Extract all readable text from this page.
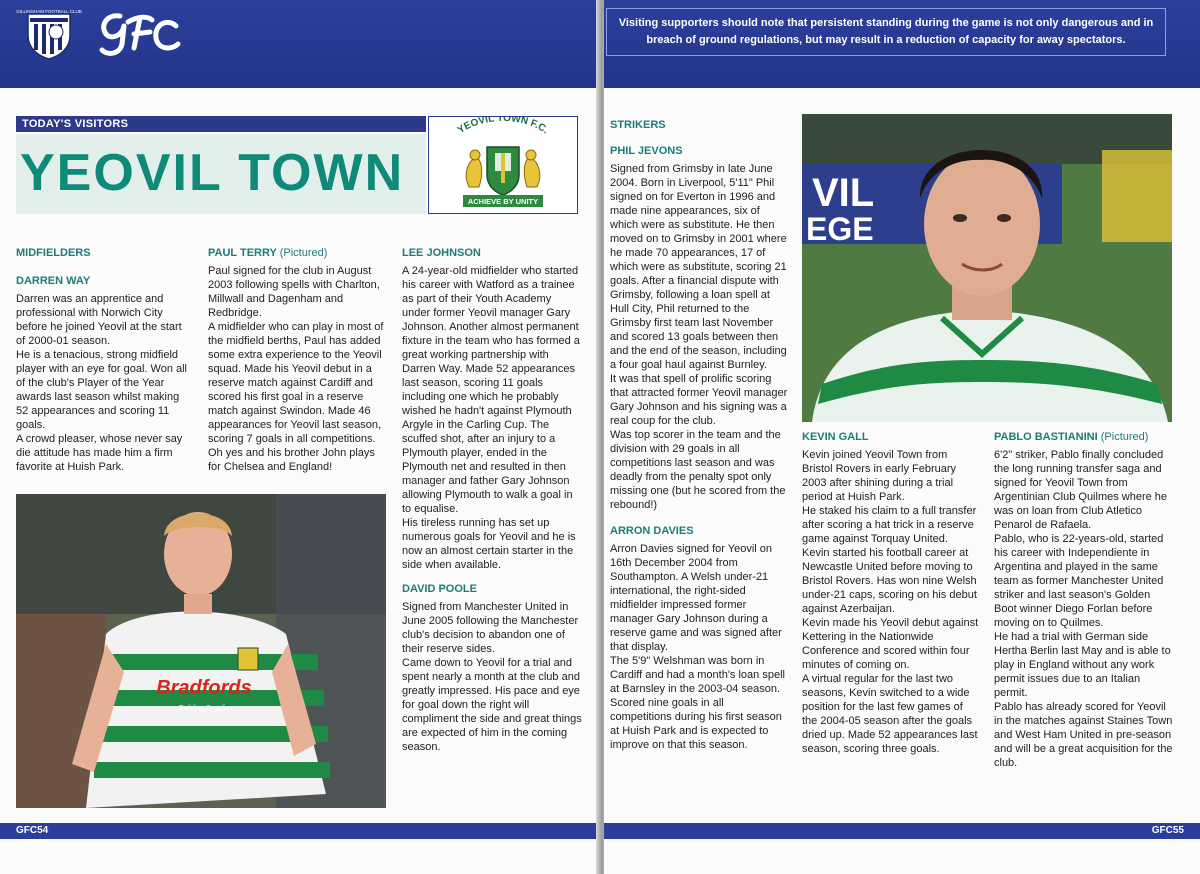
GILLINGHAM FOOTBALL CLUB
TODAY'S VISITORS
YEOVIL TOWN
YEOVIL TOWN F.C.
ACHIEVE BY UNITY
MIDFIELDERS
DARREN WAY

Darren was an apprentice and professional with Norwich City before he joined Yeovil at the start of 2000-01 season.

He is a tenacious, strong midfield player with an eye for goal. Won all of the club's Player of the Year awards last season whilst making 52 appearances and scoring 11 goals.

A crowd pleaser, whose never say die attitude has made him a firm favorite at Huish Park.

PAUL TERRY (Pictured)

Paul signed for the club in August 2003 following spells with Charlton, Millwall and Dagenham and Redbridge.

A midfielder who can play in most of the midfield berths, Paul has added some extra experience to the Yeovil squad. Made his Yeovil debut in a reserve match against Cardiff and scored his first goal in a reserve match against Swindon. Made 46 appearances for Yeovil last season, scoring 7 goals in all competitions. Oh yes and his brother John plays for Chelsea and England!

LEE JOHNSON

A 24-year-old midfielder who started his career with Watford as a trainee as part of their Youth Academy under former Yeovil manager Gary Johnson. Another almost permanent fixture in the team who has formed a great working partnership with Darren Way. Made 52 appearances last season, scoring 11 goals including one which he probably wished he hadn't against Plymouth Argyle in the Carling Cup. The scuffed shot, after an injury to a Plymouth player, ended in the Plymouth net and resulted in then manager and father Gary Johnson allowing Plymouth to walk a goal in to equalise.

His tireless running has set up numerous goals for Yeovil and he is now an almost certain starter in the side when available.

DAVID POOLE

Signed from Manchester United in June 2005 following the Manchester club's decision to abandon one of their reserve sides.

Came down to Yeovil for a trial and spent nearly a month at the club and greatly impressed. His pace and eye for goal down the right will compliment the side and great things are expected of him in the coming season.

Bradfords
Building Supplies
GFC54
Visiting supporters should note that persistent standing during the game is not only dangerous and in breach of ground regulations, but may result in a reduction of capacity for away spectators.
STRIKERS
PHIL JEVONS

Signed from Grimsby in late June 2004. Born in Liverpool, 5'11" Phil signed on for Everton in 1996 and made nine appearances, six of which were as substitute. He then moved on to Grimsby in 2001 where he made 70 appearances, 17 of which were as substitute, scoring 21 goals. After a financial dispute with Grimsby, following a loan spell at Hull City, Phil returned to the Grimsby first team last November and scored 13 goals between then and the end of the season, including a four goal haul against Burnley.

It was that spell of prolific scoring that attracted former Yeovil manager Gary Johnson and his signing was a real coup for the club.

Was top scorer in the team and the division with 29 goals in all competitions last season and was deadly from the penalty spot only missing one (but he scored from the rebound!)

ARRON DAVIES

Arron Davies signed for Yeovil on 16th December 2004 from Southampton. A Welsh under-21 international, the right-sided midfielder impressed former manager Gary Johnson during a reserve game and was signed after that display.

The 5'9" Welshman was born in Cardiff and had a month's loan spell at Barnsley in the 2003-04 season. Scored nine goals in all competitions during his first season at Huish Park and is expected to improve on that this season.

VIL
EGE
KEVIN GALL

Kevin joined Yeovil Town from Bristol Rovers in early February 2003 after shining during a trial period at Huish Park.

He staked his claim to a full transfer after scoring a hat trick in a reserve game against Torquay United.

Kevin started his football career at Newcastle United before moving to Bristol Rovers. Has won nine Welsh under-21 caps, scoring on his debut against Azerbaijan.

Kevin made his Yeovil debut against Kettering in the Nationwide Conference and scored within four minutes of coming on.

A virtual regular for the last two seasons, Kevin switched to a wide position for the last few games of the 2004-05 season after the goals dried up. Made 52 appearances last season, scoring three goals.

PABLO BASTIANINI (Pictured)

6'2" striker, Pablo finally concluded the long running transfer saga and signed for Yeovil Town from Argentinian Club Quilmes where he was on loan from Club Atletico Penarol de Rafaela.

Pablo, who is 22-years-old, started his career with Independiente in Argentina and played in the same team as former Manchester United striker and last season's Golden Boot winner Diego Forlan before moving on to Quilmes.

He had a trial with German side Hertha Berlin last May and is able to play in England without any work permit issues due to an Italian permit.

Pablo has already scored for Yeovil in the matches against Staines Town and West Ham United in pre-season and will be a great acquisition for the club.

GFC55
